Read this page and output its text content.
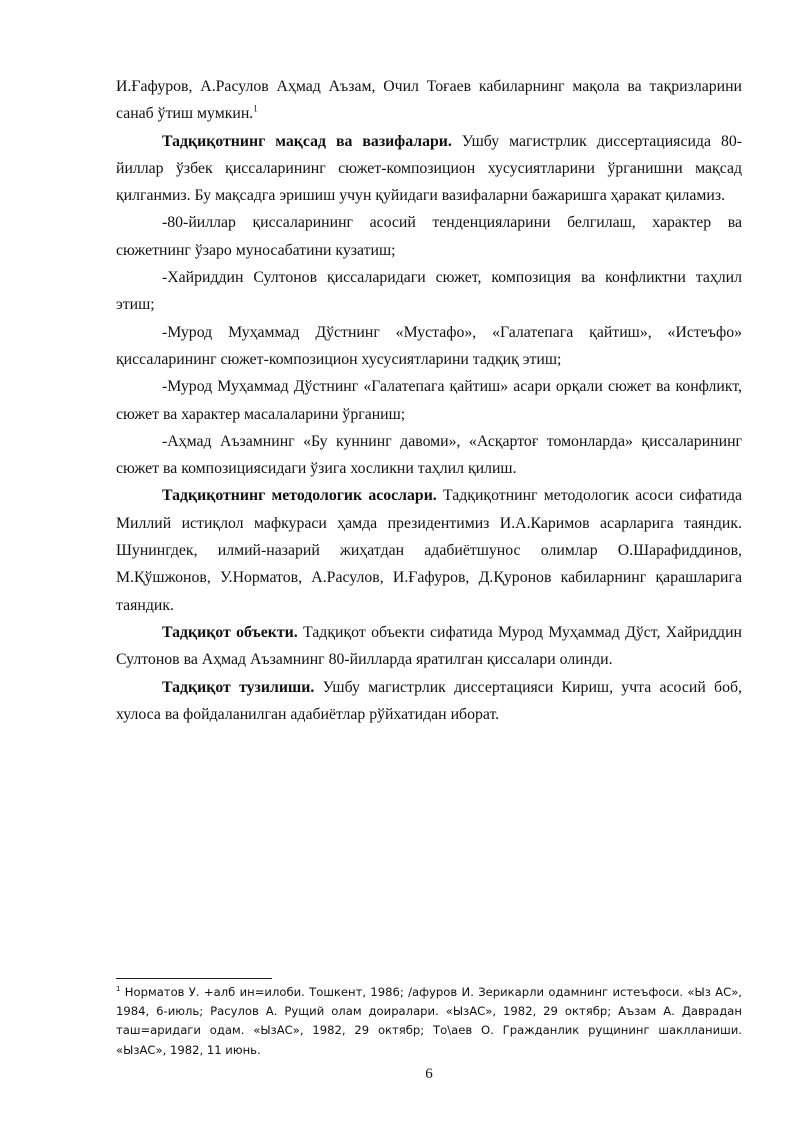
И.Ғафуров, А.Расулов Аҳмад Аъзам, Очил Тоғаев кабиларнинг мақола ва тақризларини санаб ўтиш мумкин.$^1$

Тадқиқотнинг мақсад ва вазифалари. Ушбу магистрлик диссертациясида 80-йиллар ўзбек қиссаларининг сюжет-композицион хусусиятларини ўрганишни мақсад қилганмиз. Бу мақсадга эришиш учун қуйидаги вазифаларни бажаришга ҳаракат қиламиз.

-80-йиллар қиссаларининг асосий тенденцияларини белгилаш, характер ва сюжетнинг ўзаро муносабатини кузатиш;

-Хайриддин Султонов қиссаларидаги сюжет, композиция ва конфликтни таҳлил этиш;

-Мурод Муҳаммад Дўстнинг «Мустафо», «Галатепага қайтиш», «Истеъфо» қиссаларининг сюжет-композицион хусусиятларини тадқиқ этиш;

-Мурод Муҳаммад Дўстнинг «Галатепага қайтиш» асари орқали сюжет ва конфликт, сюжет ва характер масалаларини ўрганиш;

-Аҳмад Аъзамнинг «Бу куннинг давоми», «Асқартоғ томонларда» қиссаларининг сюжет ва композициясидаги ўзига хосликни таҳлил қилиш.

Тадқиқотнинг методологик асослари. Тадқиқотнинг методологик асоси сифатида Миллий истиқлол мафкураси ҳамда президентимиз И.А.Каримов асарларига таяндик. Шунингдек, илмий-назарий жиҳатдан адабиётшунос олимлар О.Шарафиддинов, М.Қўшжонов, У.Норматов, А.Расулов, И.Ғафуров, Д.Қуронов кабиларнинг қарашларига таяндик.

Тадқиқот объекти. Тадқиқот объекти сифатида Мурод Муҳаммад Дўст, Хайриддин Султонов ва Аҳмад Аъзамнинг 80-йилларда яратилган қиссалари олинди.

Тадқиқот тузилиши. Ушбу магистрлик диссертацияси Кириш, учта асосий боб, хулоса ва фойдаланилган адабиётлар рўйхатидан иборат.

$^1$ Норматов У. +алб ин=илоби. Тошкент, 1986; /афуров И. Зерикарли одамнинг истеъфоси. «Ыз АС», 1984, 6-июль; Расулов А. Рущий олам доиралари. «ЫзАС», 1982, 29 октябр; Аъзам А. Даврадан таш=аридаги одам. «ЫзАС», 1982, 29 октябр; То\аев О. Гражданлик рущининг шаклланиши. «ЫзАС», 1982, 11 июнь.
6
